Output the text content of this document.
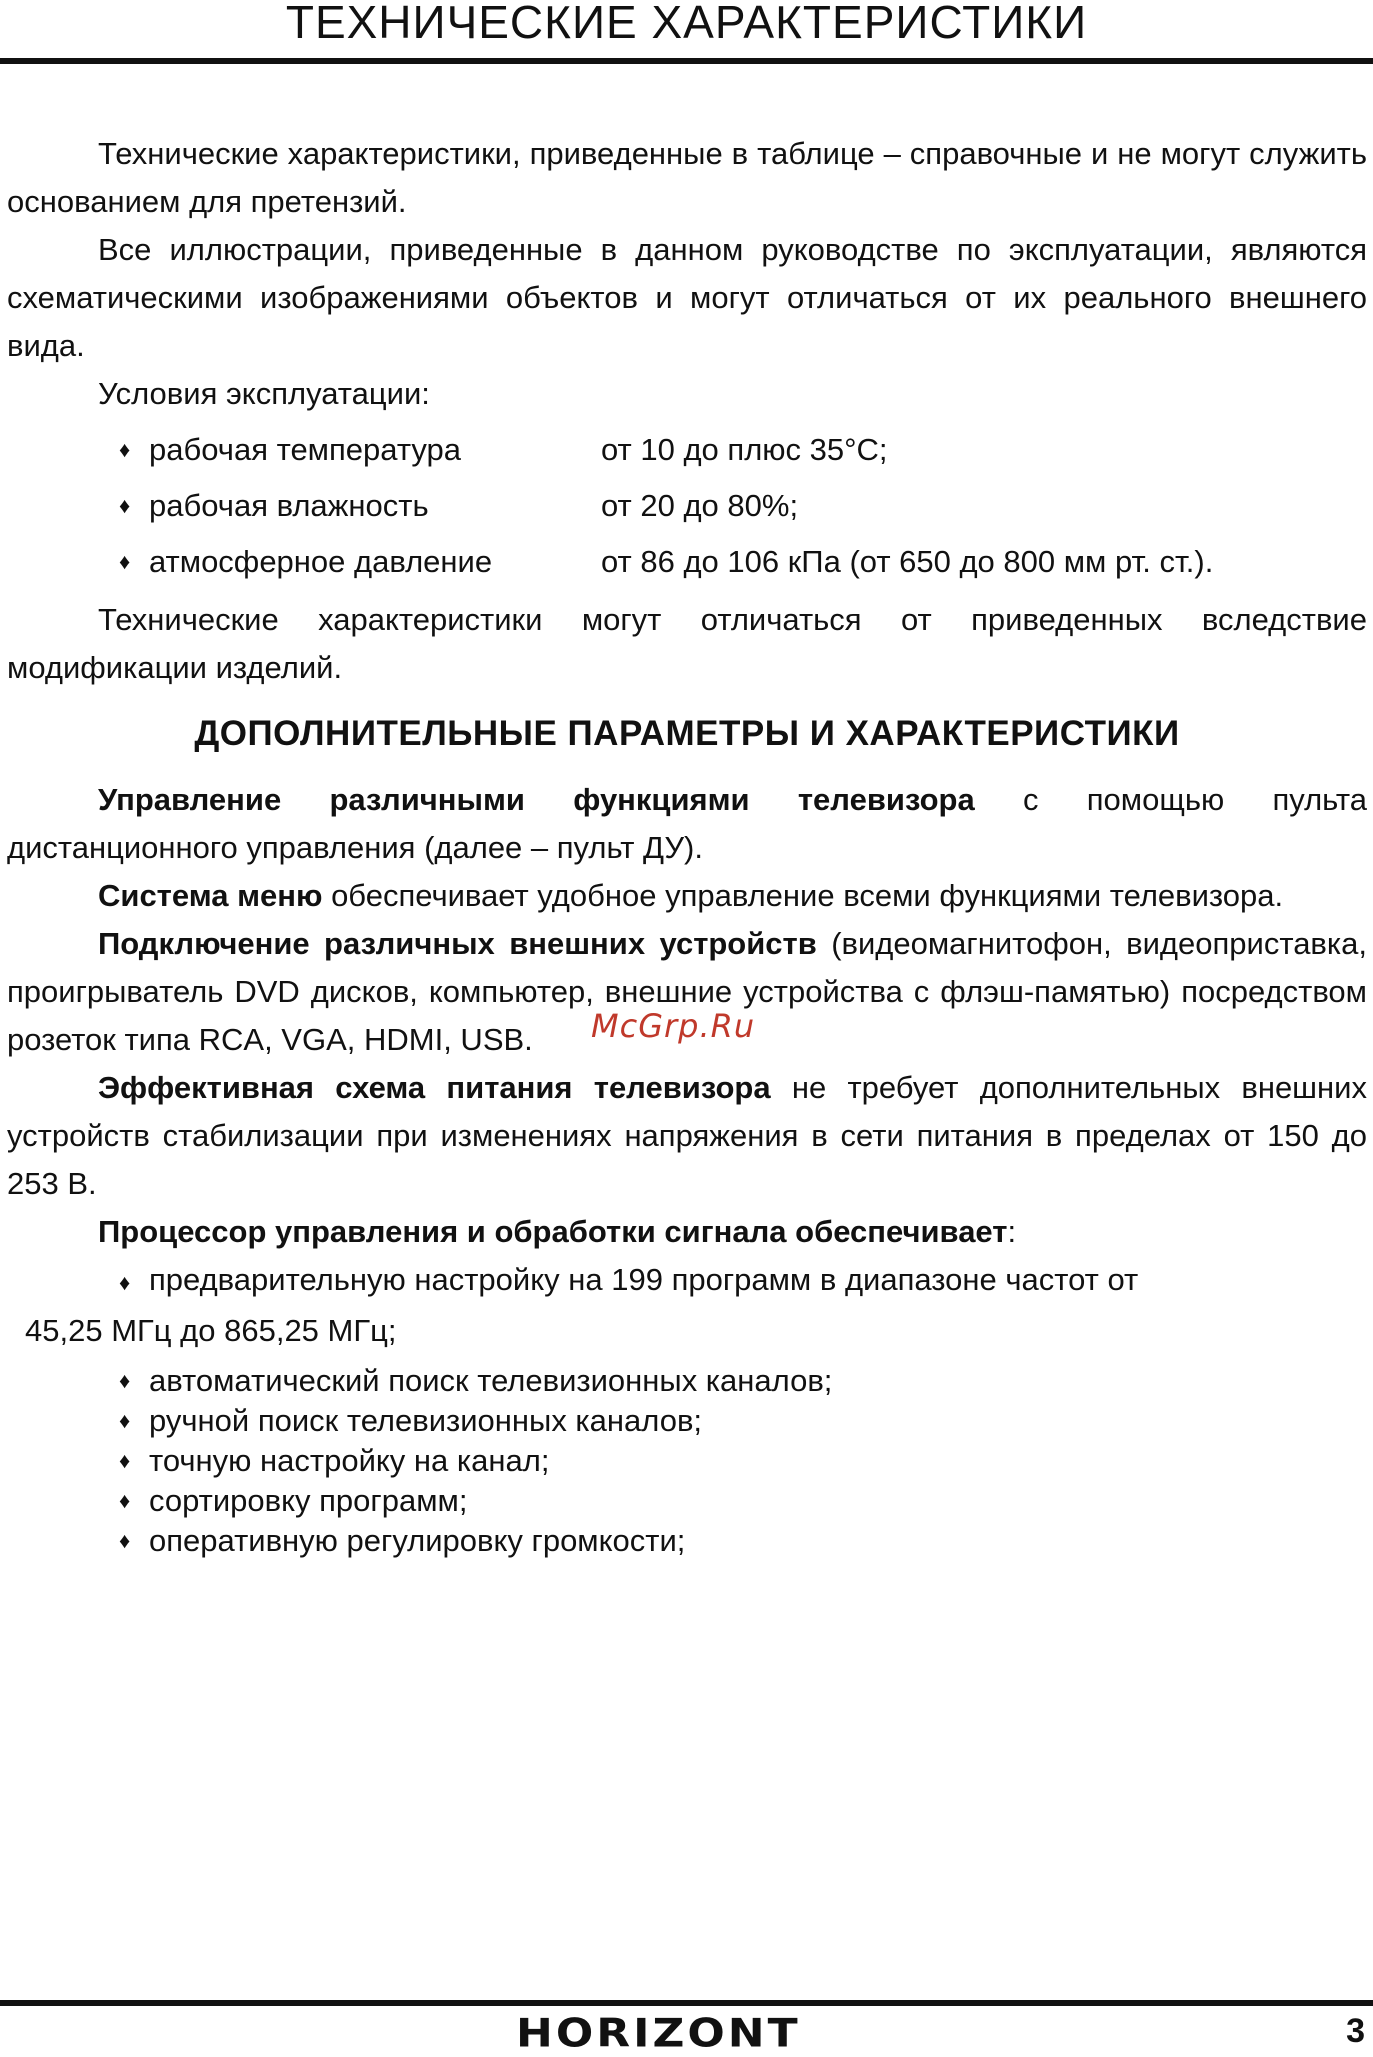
ТЕХНИЧЕСКИЕ ХАРАКТЕРИСТИКИ

Технические характеристики, приведенные в таблице – справочные и не могут служить основанием для претензий.

Все иллюстрации, приведенные в данном руководстве по эксплуатации, являются схематическими изображениями объектов и могут отличаться от их реального внешнего вида.

Условия эксплуатации:

♦ рабочая температура	от 10 до плюс 35°С;
♦ рабочая влажность	от 20 до 80%;
♦ атмосферное давление	от 86 до 106 кПа (от 650 до 800 мм рт. ст.).

Технические характеристики могут отличаться от приведенных вследствие модификации изделий.

ДОПОЛНИТЕЛЬНЫЕ ПАРАМЕТРЫ И ХАРАКТЕРИСТИКИ

Управление различными функциями телевизора с помощью пульта дистанционного управления (далее – пульт ДУ).

Система меню обеспечивает удобное управление всеми функциями телевизора.

Подключение различных внешних устройств (видеомагнитофон, видеоприставка, проигрыватель DVD дисков, компьютер, внешние устройства с флэш-памятью) посредством розеток типа RCA, VGA, HDMI, USB.

Эффективная схема питания телевизора не требует дополнительных внешних устройств стабилизации при изменениях напряжения в сети питания в пределах от 150 до 253 В.

Процессор управления и обработки сигнала обеспечивает:

♦ предварительную настройку на 199 программ в диапазоне частот от

45,25 МГц до 865,25 МГц;

♦ автоматический поиск телевизионных каналов;
♦ ручной поиск телевизионных каналов;
♦ точную настройку на канал;
♦ сортировку программ;
♦ оперативную регулировку громкости;
McGrp.Ru
HORIZONT	3
